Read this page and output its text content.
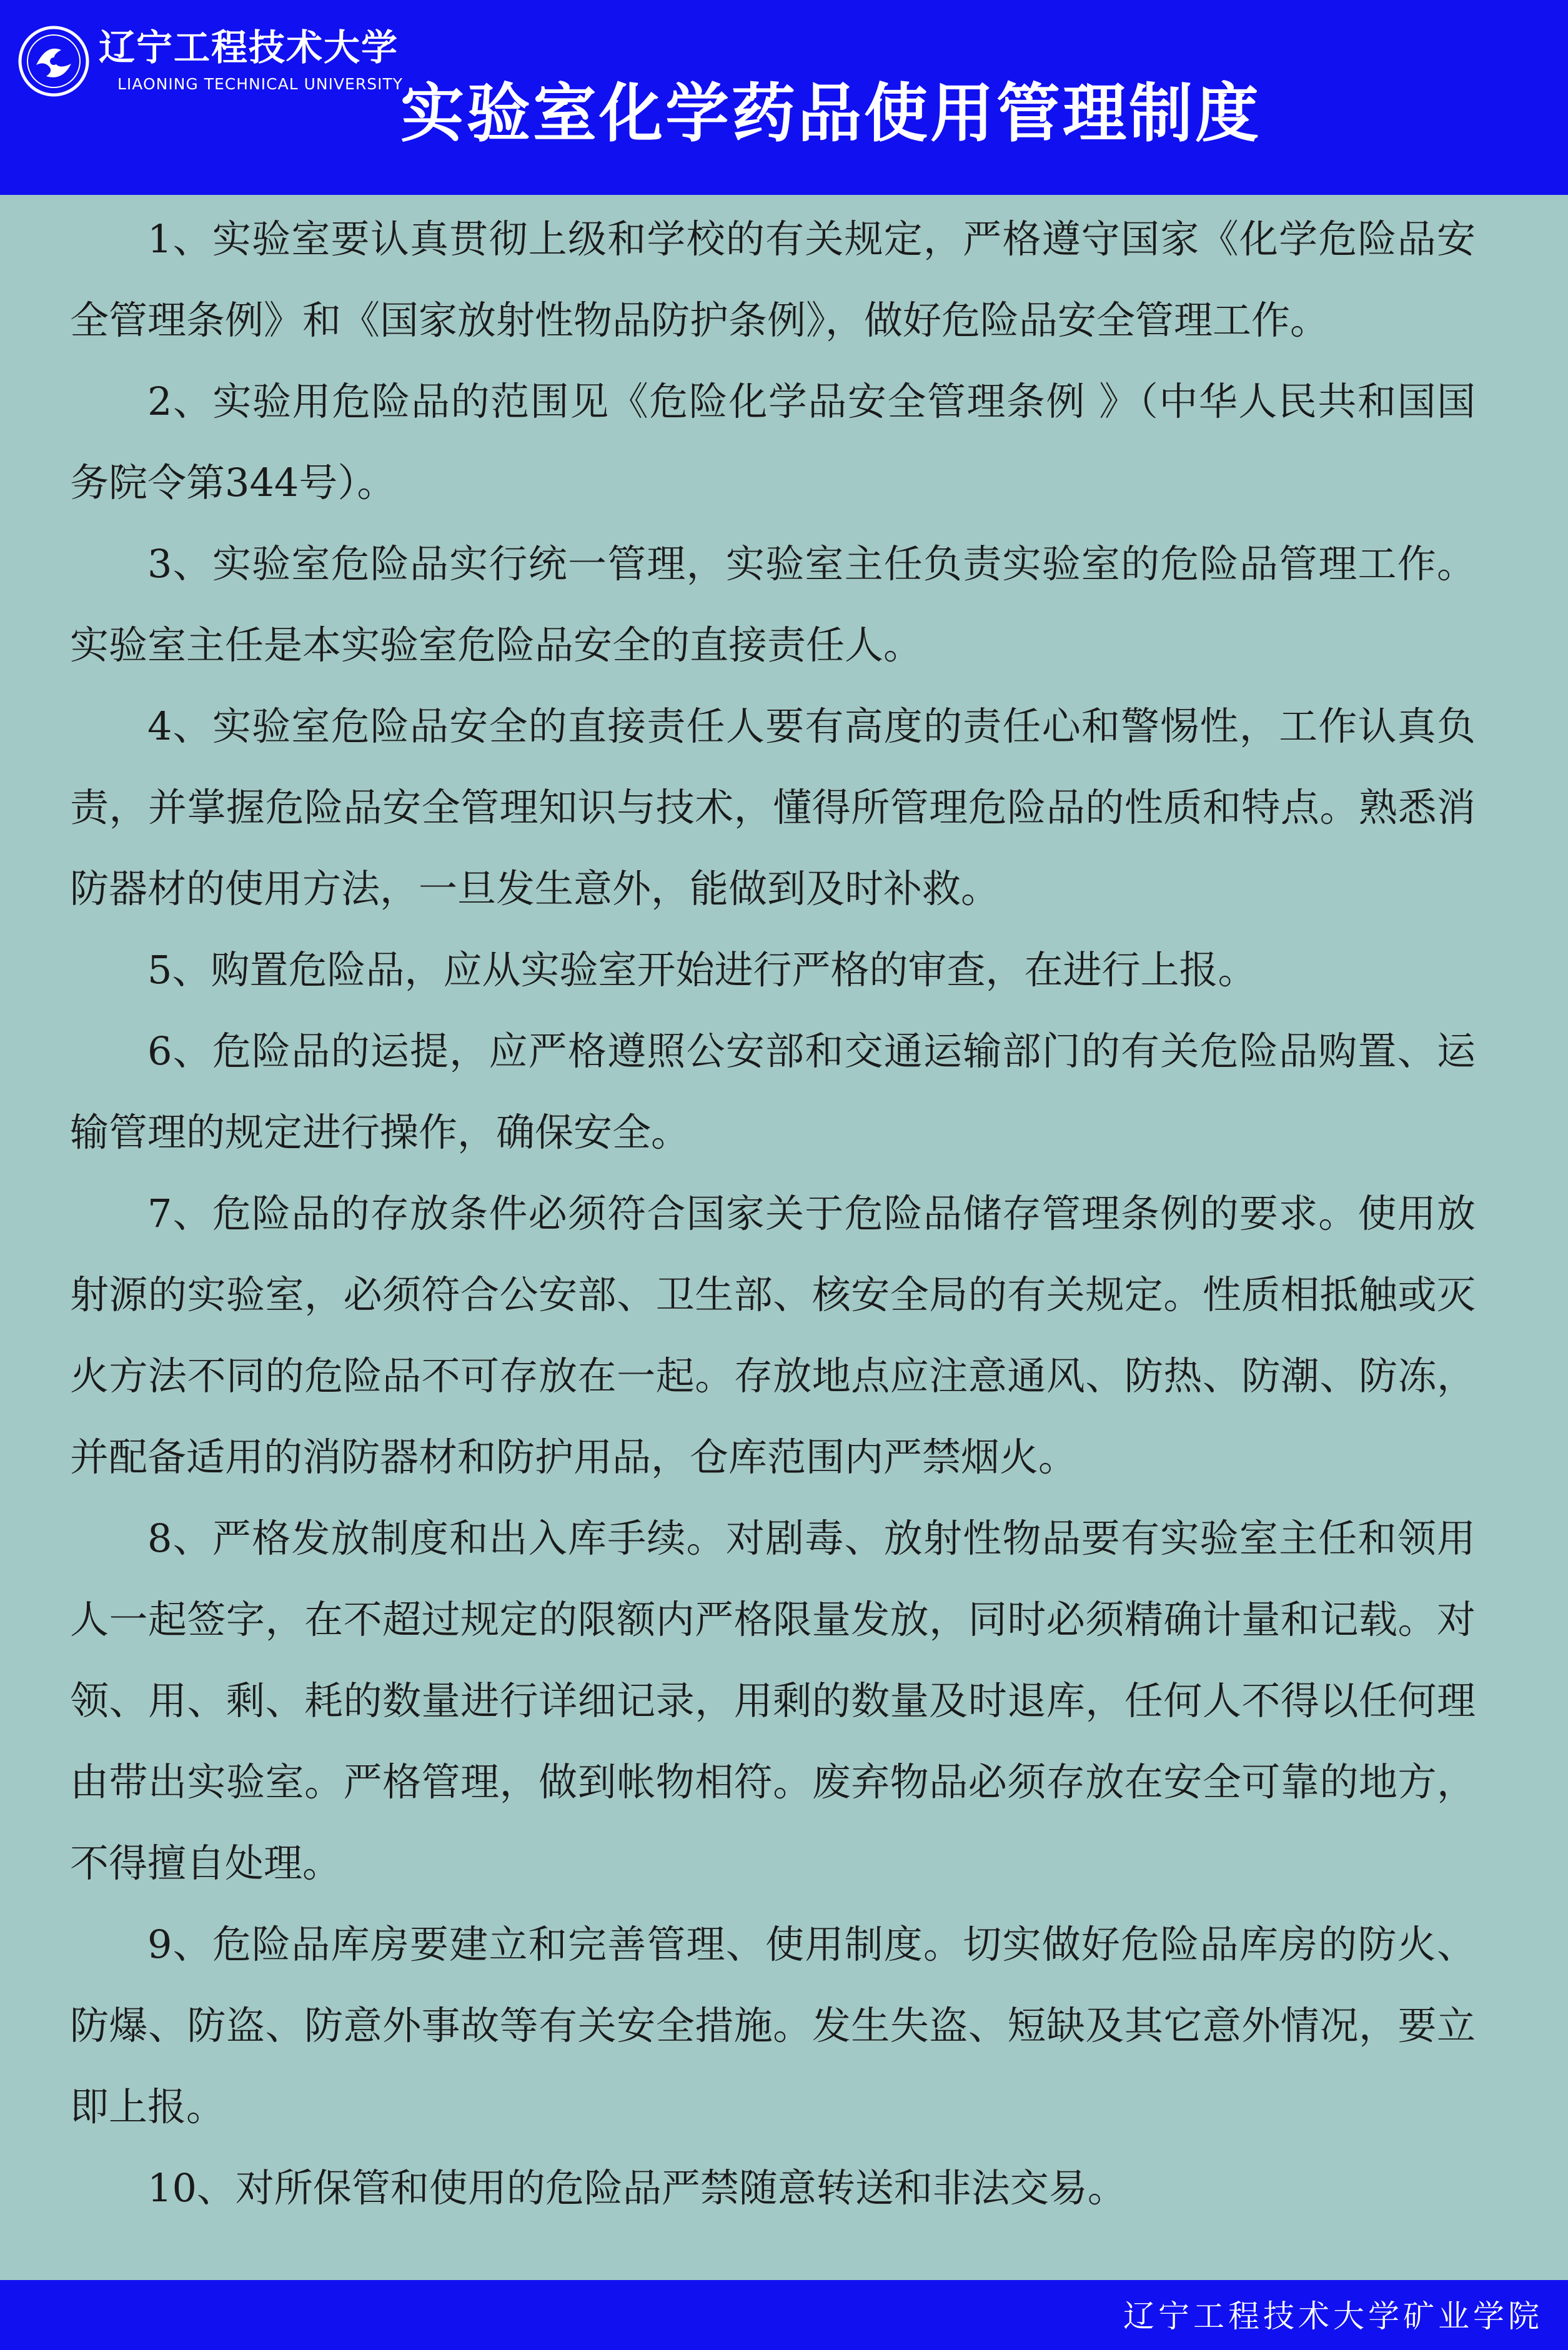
辽宁工程技术大学
LIAONING TECHNICAL UNIVERSITY
实验室化学药品使用管理制度

1、实验室要认真贯彻上级和学校的有关规定，严格遵守国家《化学危险品安全管理条例》和《国家放射性物品防护条例》，做好危险品安全管理工作。

2、实验用危险品的范围见《危险化学品安全管理条例 》（中华人民共和国国务院令第344号）。

3、实验室危险品实行统一管理，实验室主任负责实验室的危险品管理工作。实验室主任是本实验室危险品安全的直接责任人。

4、实验室危险品安全的直接责任人要有高度的责任心和警惕性，工作认真负责，并掌握危险品安全管理知识与技术，懂得所管理危险品的性质和特点。熟悉消防器材的使用方法，一旦发生意外，能做到及时补救。

5、购置危险品，应从实验室开始进行严格的审查，在进行上报。

6、危险品的运提，应严格遵照公安部和交通运输部门的有关危险品购置、运输管理的规定进行操作，确保安全。

7、危险品的存放条件必须符合国家关于危险品储存管理条例的要求。使用放射源的实验室，必须符合公安部、卫生部、核安全局的有关规定。性质相抵触或灭火方法不同的危险品不可存放在一起。存放地点应注意通风、防热、防潮、防冻，并配备适用的消防器材和防护用品，仓库范围内严禁烟火。

8、严格发放制度和出入库手续。对剧毒、放射性物品要有实验室主任和领用人一起签字，在不超过规定的限额内严格限量发放，同时必须精确计量和记载。对领、用、剩、耗的数量进行详细记录，用剩的数量及时退库，任何人不得以任何理由带出实验室。严格管理，做到帐物相符。废弃物品必须存放在安全可靠的地方，不得擅自处理。

9、危险品库房要建立和完善管理、使用制度。切实做好危险品库房的防火、防爆、防盗、防意外事故等有关安全措施。发生失盗、短缺及其它意外情况，要立即上报。

10、对所保管和使用的危险品严禁随意转送和非法交易。

辽宁工程技术大学矿业学院
